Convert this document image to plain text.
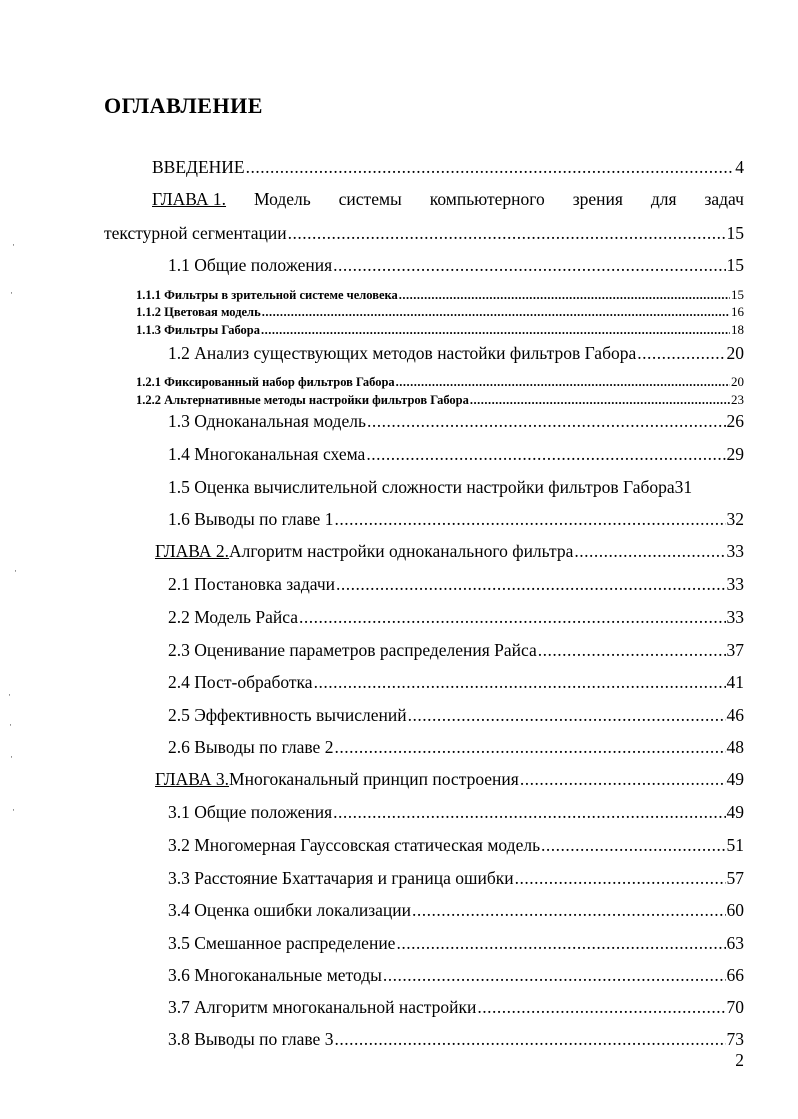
ОГЛАВЛЕНИЕ
ВВЕДЕНИЕ .....	4
ГЛАВА 1. Модель системы компьютерного зрения для задач
текстурной сегментации .....	15
1.1 Общие положения .....	15
1.1.1 Фильтры в зрительной системе человека .....	15
1.1.2 Цветовая модель .....	16
1.1.3 Фильтры Габора .....	18
1.2 Анализ существующих методов настойки фильтров Габора .....	20
1.2.1 Фиксированный набор фильтров Габора .....	20
1.2.2 Альтернативные методы настройки фильтров Габора .....	23
1.3 Одноканальная модель .....	26
1.4 Многоканальная схема .....	29
1.5 Оценка вычислительной сложности настройки фильтров Габора 31
1.6 Выводы по главе 1 .....	32
ГЛАВА 2. Алгоритм настройки одноканального фильтра .....	33
2.1 Постановка задачи .....	33
2.2 Модель Райса .....	33
2.3 Оценивание параметров распределения Райса .....	37
2.4 Пост-обработка .....	41
2.5 Эффективность вычислений .....	46
2.6 Выводы по главе 2 .....	48
ГЛАВА 3. Многоканальный принцип построения .....	49
3.1 Общие положения .....	49
3.2 Многомерная Гауссовская статическая модель .....	51
3.3 Расстояние Бхаттачария и граница ошибки .....	57
3.4 Оценка ошибки локализации .....	60
3.5 Смешанное распределение .....	63
3.6 Многоканальные методы .....	66
3.7 Алгоритм многоканальной настройки .....	70
3.8 Выводы по главе 3 .....	73
2
·
·
·
·
·
·
·
